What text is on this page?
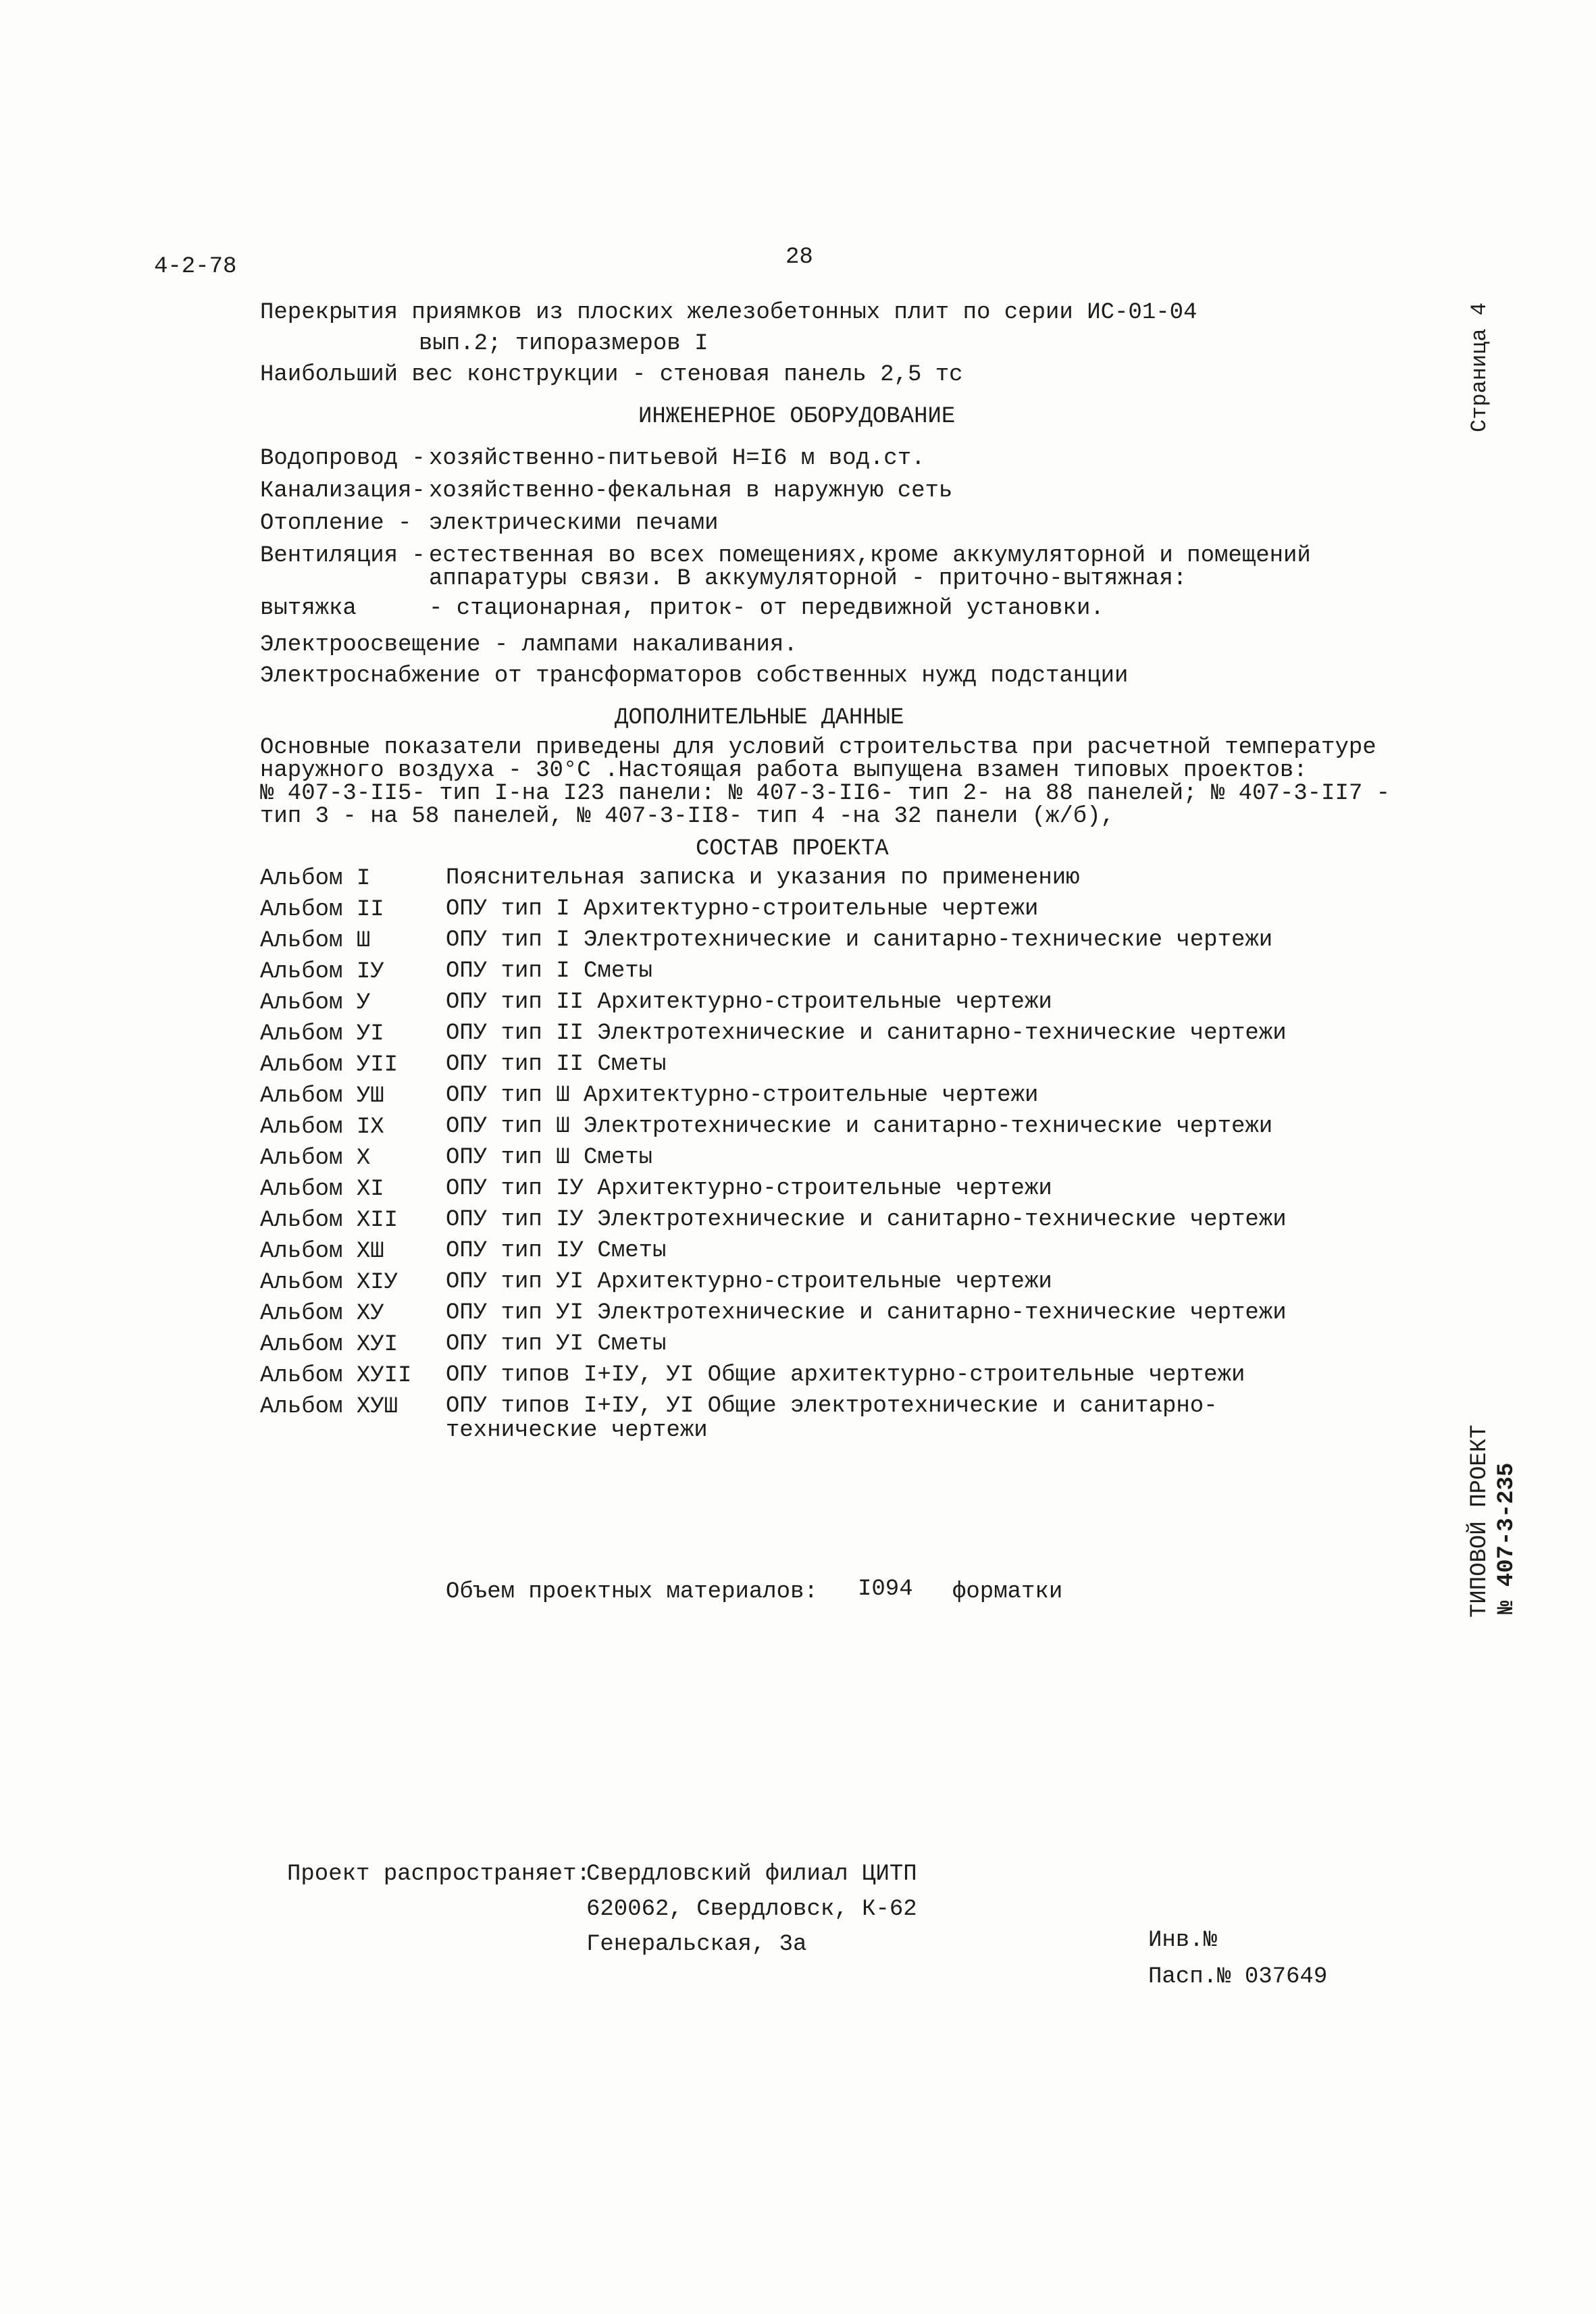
4-2-78	28
Страница 4
ТИПОВОЙ ПРОЕКТ № 407-3-235
Перекрытия приямков из плоских железобетонных плит по серии ИС-01-04
вып.2; типоразмеров I
Наибольший вес конструкции - стеновая панель 2,5 тс
ИНЖЕНЕРНОЕ ОБОРУДОВАНИЕ
Водопровод - хозяйственно-питьевой Н=I6 м вод.ст.
Канализация- хозяйственно-фекальная в наружную сеть
Отопление - электрическими печами
Вентиляция - естественная во всех помещениях,кроме аккумуляторной и помещений
аппаратуры связи. В аккумуляторной - приточно-вытяжная:
вытяжка	- стационарная, приток- от передвижной установки.
Электроосвещение - лампами накаливания.
Электроснабжение от трансформаторов собственных нужд подстанции
ДОПОЛНИТЕЛЬНЫЕ ДАННЫЕ
Основные показатели приведены для условий строительства при расчетной температуре
наружного воздуха - 30°С .Настоящая работа выпущена взамен типовых проектов:
№ 407-3-II5- тип I-на I23 панели: № 407-3-II6- тип 2- на 88 панелей; № 407-3-II7 -
тип 3 - на 58 панелей, № 407-3-II8- тип 4 -на 32 панели (ж/б),
СОСТАВ ПРОЕКТА
Альбом I	Пояснительная записка и указания по применению
Альбом II	ОПУ тип I Архитектурно-строительные чертежи
Альбом Ш	ОПУ тип I Электротехнические и санитарно-технические чертежи
Альбом IУ	ОПУ тип I Сметы
Альбом У	ОПУ тип II Архитектурно-строительные чертежи
Альбом УI	ОПУ тип II Электротехнические и санитарно-технические чертежи
Альбом УII ОПУ тип II Сметы
Альбом УШ	ОПУ тип Ш Архитектурно-строительные чертежи
Альбом IX	ОПУ тип Ш Электротехнические и санитарно-технические чертежи
Альбом X	ОПУ тип Ш Сметы
Альбом XI	ОПУ тип IУ Архитектурно-строительные чертежи
Альбом XII ОПУ тип IУ Электротехнические и санитарно-технические чертежи
Альбом XШ	ОПУ тип IУ Сметы
Альбом XIУ ОПУ тип УI Архитектурно-строительные чертежи
Альбом XУ	ОПУ тип УI Электротехнические и санитарно-технические чертежи
Альбом XУI ОПУ тип УI Сметы
Альбом XУII ОПУ типов I+IУ, УI Общие архитектурно-строительные чертежи
Альбом XУШ ОПУ типов I+IУ, УI Общие электротехнические и санитарно-технические чертежи
Объем проектных материалов: I094 форматки
Проект распространяет:
Свердловский филиал ЦИТП
620062, Свердловск, К-62
Генеральская, 3а	Инв.№
Пасп.№ 037649
